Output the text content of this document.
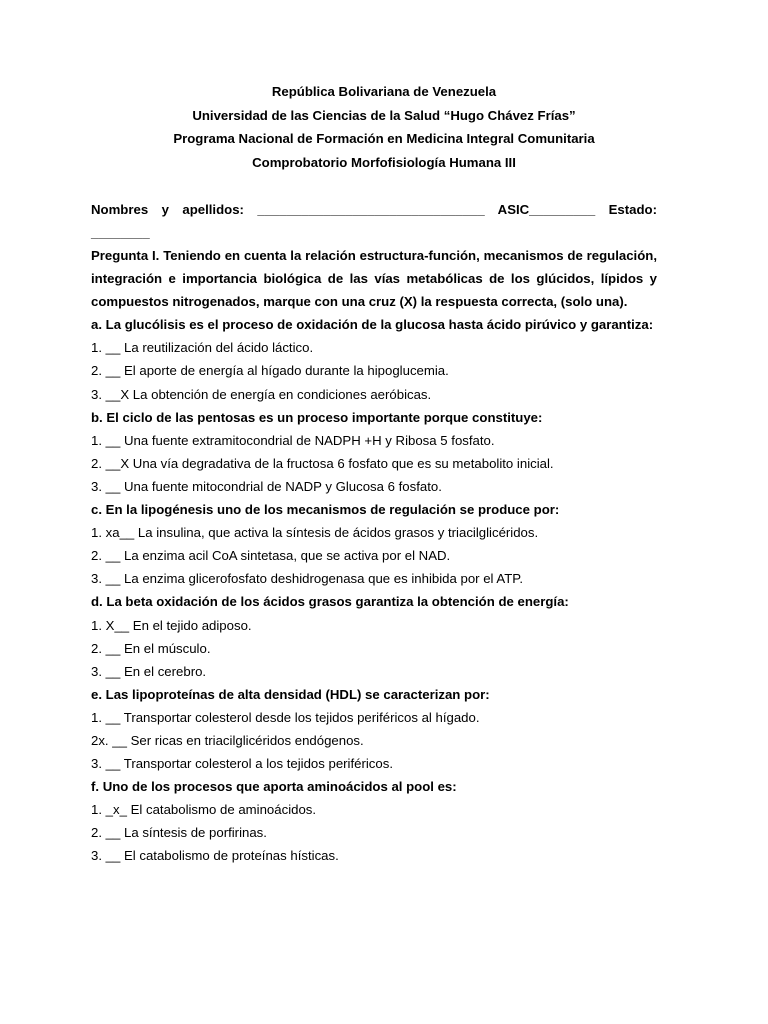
República Bolivariana de Venezuela
Universidad de las Ciencias de la Salud “Hugo Chávez Frías”
Programa Nacional de Formación en Medicina Integral Comunitaria
Comprobatorio Morfofisiología Humana III
Nombres y apellidos: _______________________________ ASIC_________ Estado: ________
Pregunta I. Teniendo en cuenta la relación estructura-función, mecanismos de regulación, integración e importancia biológica de las vías metabólicas de los glúcidos, lípidos y compuestos nitrogenados, marque con una cruz (X) la respuesta correcta, (solo una).
a. La glucólisis es el proceso de oxidación de la glucosa hasta ácido pirúvico y garantiza:
1. __ La reutilización del ácido láctico.
2. __ El aporte de energía al hígado durante la hipoglucemia.
3. __X La obtención de energía en condiciones aeróbicas.
b. El ciclo de las pentosas es un proceso importante porque constituye:
1. __ Una fuente extramitocondrial de NADPH +H y Ribosa 5 fosfato.
2. __X Una vía degradativa de la fructosa 6 fosfato que es su metabolito inicial.
3. __ Una fuente mitocondrial de NADP y Glucosa 6 fosfato.
c. En la lipogénesis uno de los mecanismos de regulación se produce por:
1. xa__ La insulina, que activa la síntesis de ácidos grasos y triacilglicéridos.
2. __ La enzima acil CoA sintetasa, que se activa por el NAD.
3. __ La enzima glicerofosfato deshidrogenasa que es inhibida por el ATP.
d. La beta oxidación de los ácidos grasos garantiza la obtención de energía:
1. X__ En el tejido adiposo.
2. __ En el músculo.
3. __ En el cerebro.
e. Las lipoproteínas de alta densidad (HDL) se caracterizan por:
1. __ Transportar colesterol desde los tejidos periféricos al hígado.
2x. __ Ser ricas en triacilglicéridos endógenos.
3. __ Transportar colesterol a los tejidos periféricos.
f. Uno de los procesos que aporta aminoácidos al pool es:
1. _x_ El catabolismo de aminoácidos.
2. __ La síntesis de porfirinas.
3. __ El catabolismo de proteínas hísticas.
